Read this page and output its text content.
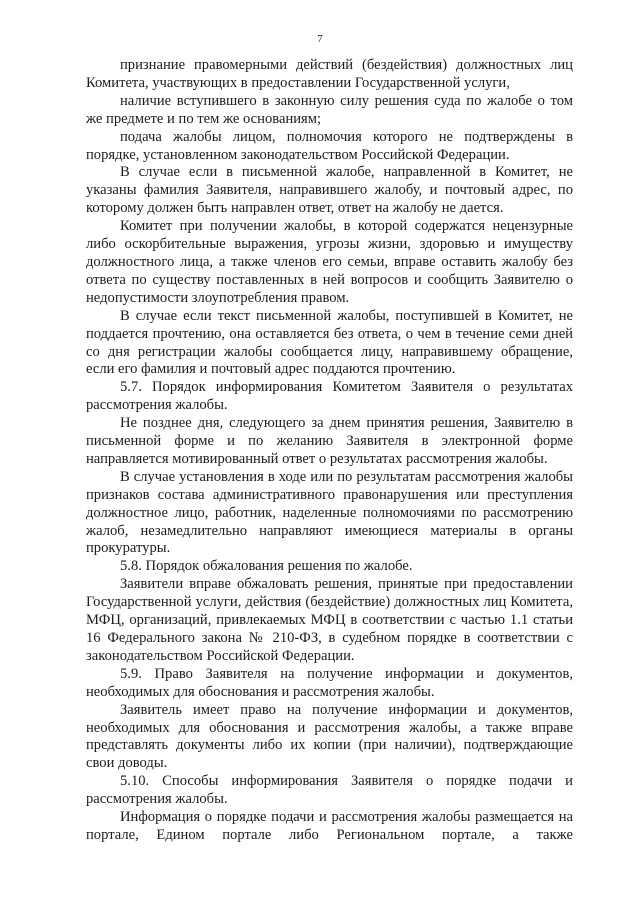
7

признание правомерными действий (бездействия) должностных лиц Комитета, участвующих в предоставлении Государственной услуги,

наличие вступившего в законную силу решения суда по жалобе о том же предмете и по тем же основаниям;

подача жалобы лицом, полномочия которого не подтверждены в порядке, установленном законодательством Российской Федерации.

В случае если в письменной жалобе, направленной в Комитет, не указаны фамилия Заявителя, направившего жалобу, и почтовый адрес, по которому должен быть направлен ответ, ответ на жалобу не дается.

Комитет при получении жалобы, в которой содержатся нецензурные либо оскорбительные выражения, угрозы жизни, здоровью и имуществу должностного лица, а также членов его семьи, вправе оставить жалобу без ответа по существу поставленных в ней вопросов и сообщить Заявителю о недопустимости злоупотребления правом.

В случае если текст письменной жалобы, поступившей в Комитет, не поддается прочтению, она оставляется без ответа, о чем в течение семи дней со дня регистрации жалобы сообщается лицу, направившему обращение, если его фамилия и почтовый адрес поддаются прочтению.

5.7. Порядок информирования Комитетом Заявителя о результатах рассмотрения жалобы.

Не позднее дня, следующего за днем принятия решения, Заявителю в письменной форме и по желанию Заявителя в электронной форме направляется мотивированный ответ о результатах рассмотрения жалобы.

В случае установления в ходе или по результатам рассмотрения жалобы признаков состава административного правонарушения или преступления должностное лицо, работник, наделенные полномочиями по рассмотрению жалоб, незамедлительно направляют имеющиеся материалы в органы прокуратуры.

5.8. Порядок обжалования решения по жалобе.

Заявители вправе обжаловать решения, принятые при предоставлении Государственной услуги, действия (бездействие) должностных лиц Комитета, МФЦ, организаций, привлекаемых МФЦ в соответствии с частью 1.1 статьи 16 Федерального закона № 210-ФЗ, в судебном порядке в соответствии с законодательством Российской Федерации.

5.9. Право Заявителя на получение информации и документов, необходимых для обоснования и рассмотрения жалобы.

Заявитель имеет право на получение информации и документов, необходимых для обоснования и рассмотрения жалобы, а также вправе представлять документы либо их копии (при наличии), подтверждающие свои доводы.

5.10. Способы информирования Заявителя о порядке подачи и рассмотрения жалобы.

Информация о порядке подачи и рассмотрения жалобы размещается на портале, Едином портале либо Региональном портале, а также
